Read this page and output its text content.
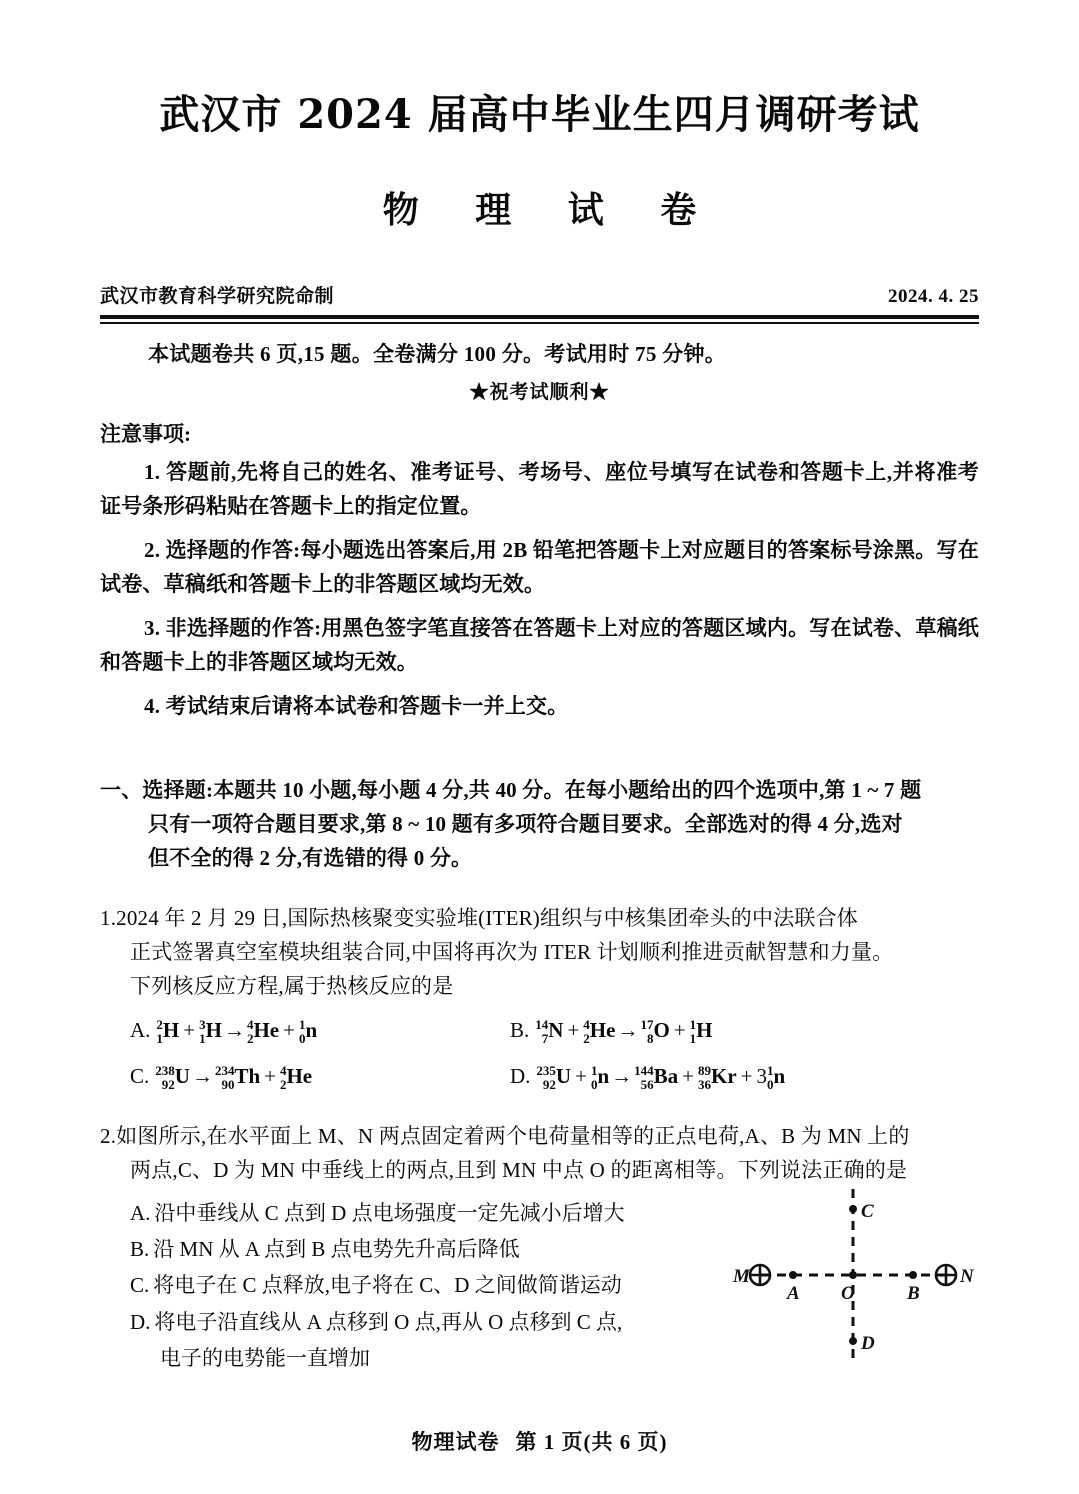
武汉市 2024 届高中毕业生四月调研考试
物 理 试 卷
武汉市教育科学研究院命制	2024. 4. 25
本试题卷共 6 页,15 题。全卷满分 100 分。考试用时 75 分钟。
★祝考试顺利★
注意事项:
1. 答题前,先将自己的姓名、准考证号、考场号、座位号填写在试卷和答题卡上,并将准考证号条形码粘贴在答题卡上的指定位置。
2. 选择题的作答:每小题选出答案后,用 2B 铅笔把答题卡上对应题目的答案标号涂黑。写在试卷、草稿纸和答题卡上的非答题区域均无效。
3. 非选择题的作答:用黑色签字笔直接答在答题卡上对应的答题区域内。写在试卷、草稿纸和答题卡上的非答题区域均无效。
4. 考试结束后请将本试卷和答题卡一并上交。
一、选择题:本题共 10 小题,每小题 4 分,共 40 分。在每小题给出的四个选项中,第 1 ~ 7 题
只有一项符合题目要求,第 8 ~ 10 题有多项符合题目要求。全部选对的得 4 分,选对
但不全的得 2 分,有选错的得 0 分。
1.2024 年 2 月 29 日,国际热核聚变实验堆(ITER)组织与中核集团牵头的中法联合体
正式签署真空室模块组装合同,中国将再次为 ITER 计划顺利推进贡献智慧和力量。
下列核反应方程,属于热核反应的是
A. 2
1 H + 3
1 H→ 4
2 He + 1
0 n	B. 14
7 N + 4
2 He→ 17
8 O + 1
1 H
C. 238
92 U→ 234
90 Th + 4
2 He	D. 235
92 U + 1
0 n→ 144
56 Ba + 89
36 Kr + 3 1
0 n
2.如图所示,在水平面上 M、N 两点固定着两个电荷量相等的正点电荷,A、B 为 MN 上的
两点,C、D 为 MN 中垂线上的两点,且到 MN 中点 O 的距离相等。下列说法正确的是
A. 沿中垂线从 C 点到 D 点电场强度一定先减小后增大
B. 沿 MN 从 A 点到 B 点电势先升高后降低
C. 将电子在 C 点释放,电子将在 C、D 之间做简谐运动
D. 将电子沿直线从 A 点移到 O 点,再从 O 点移到 C 点,
电子的电势能一直增加
M	N
A	B
O
C
D
物理试卷 第 1 页(共 6 页)
